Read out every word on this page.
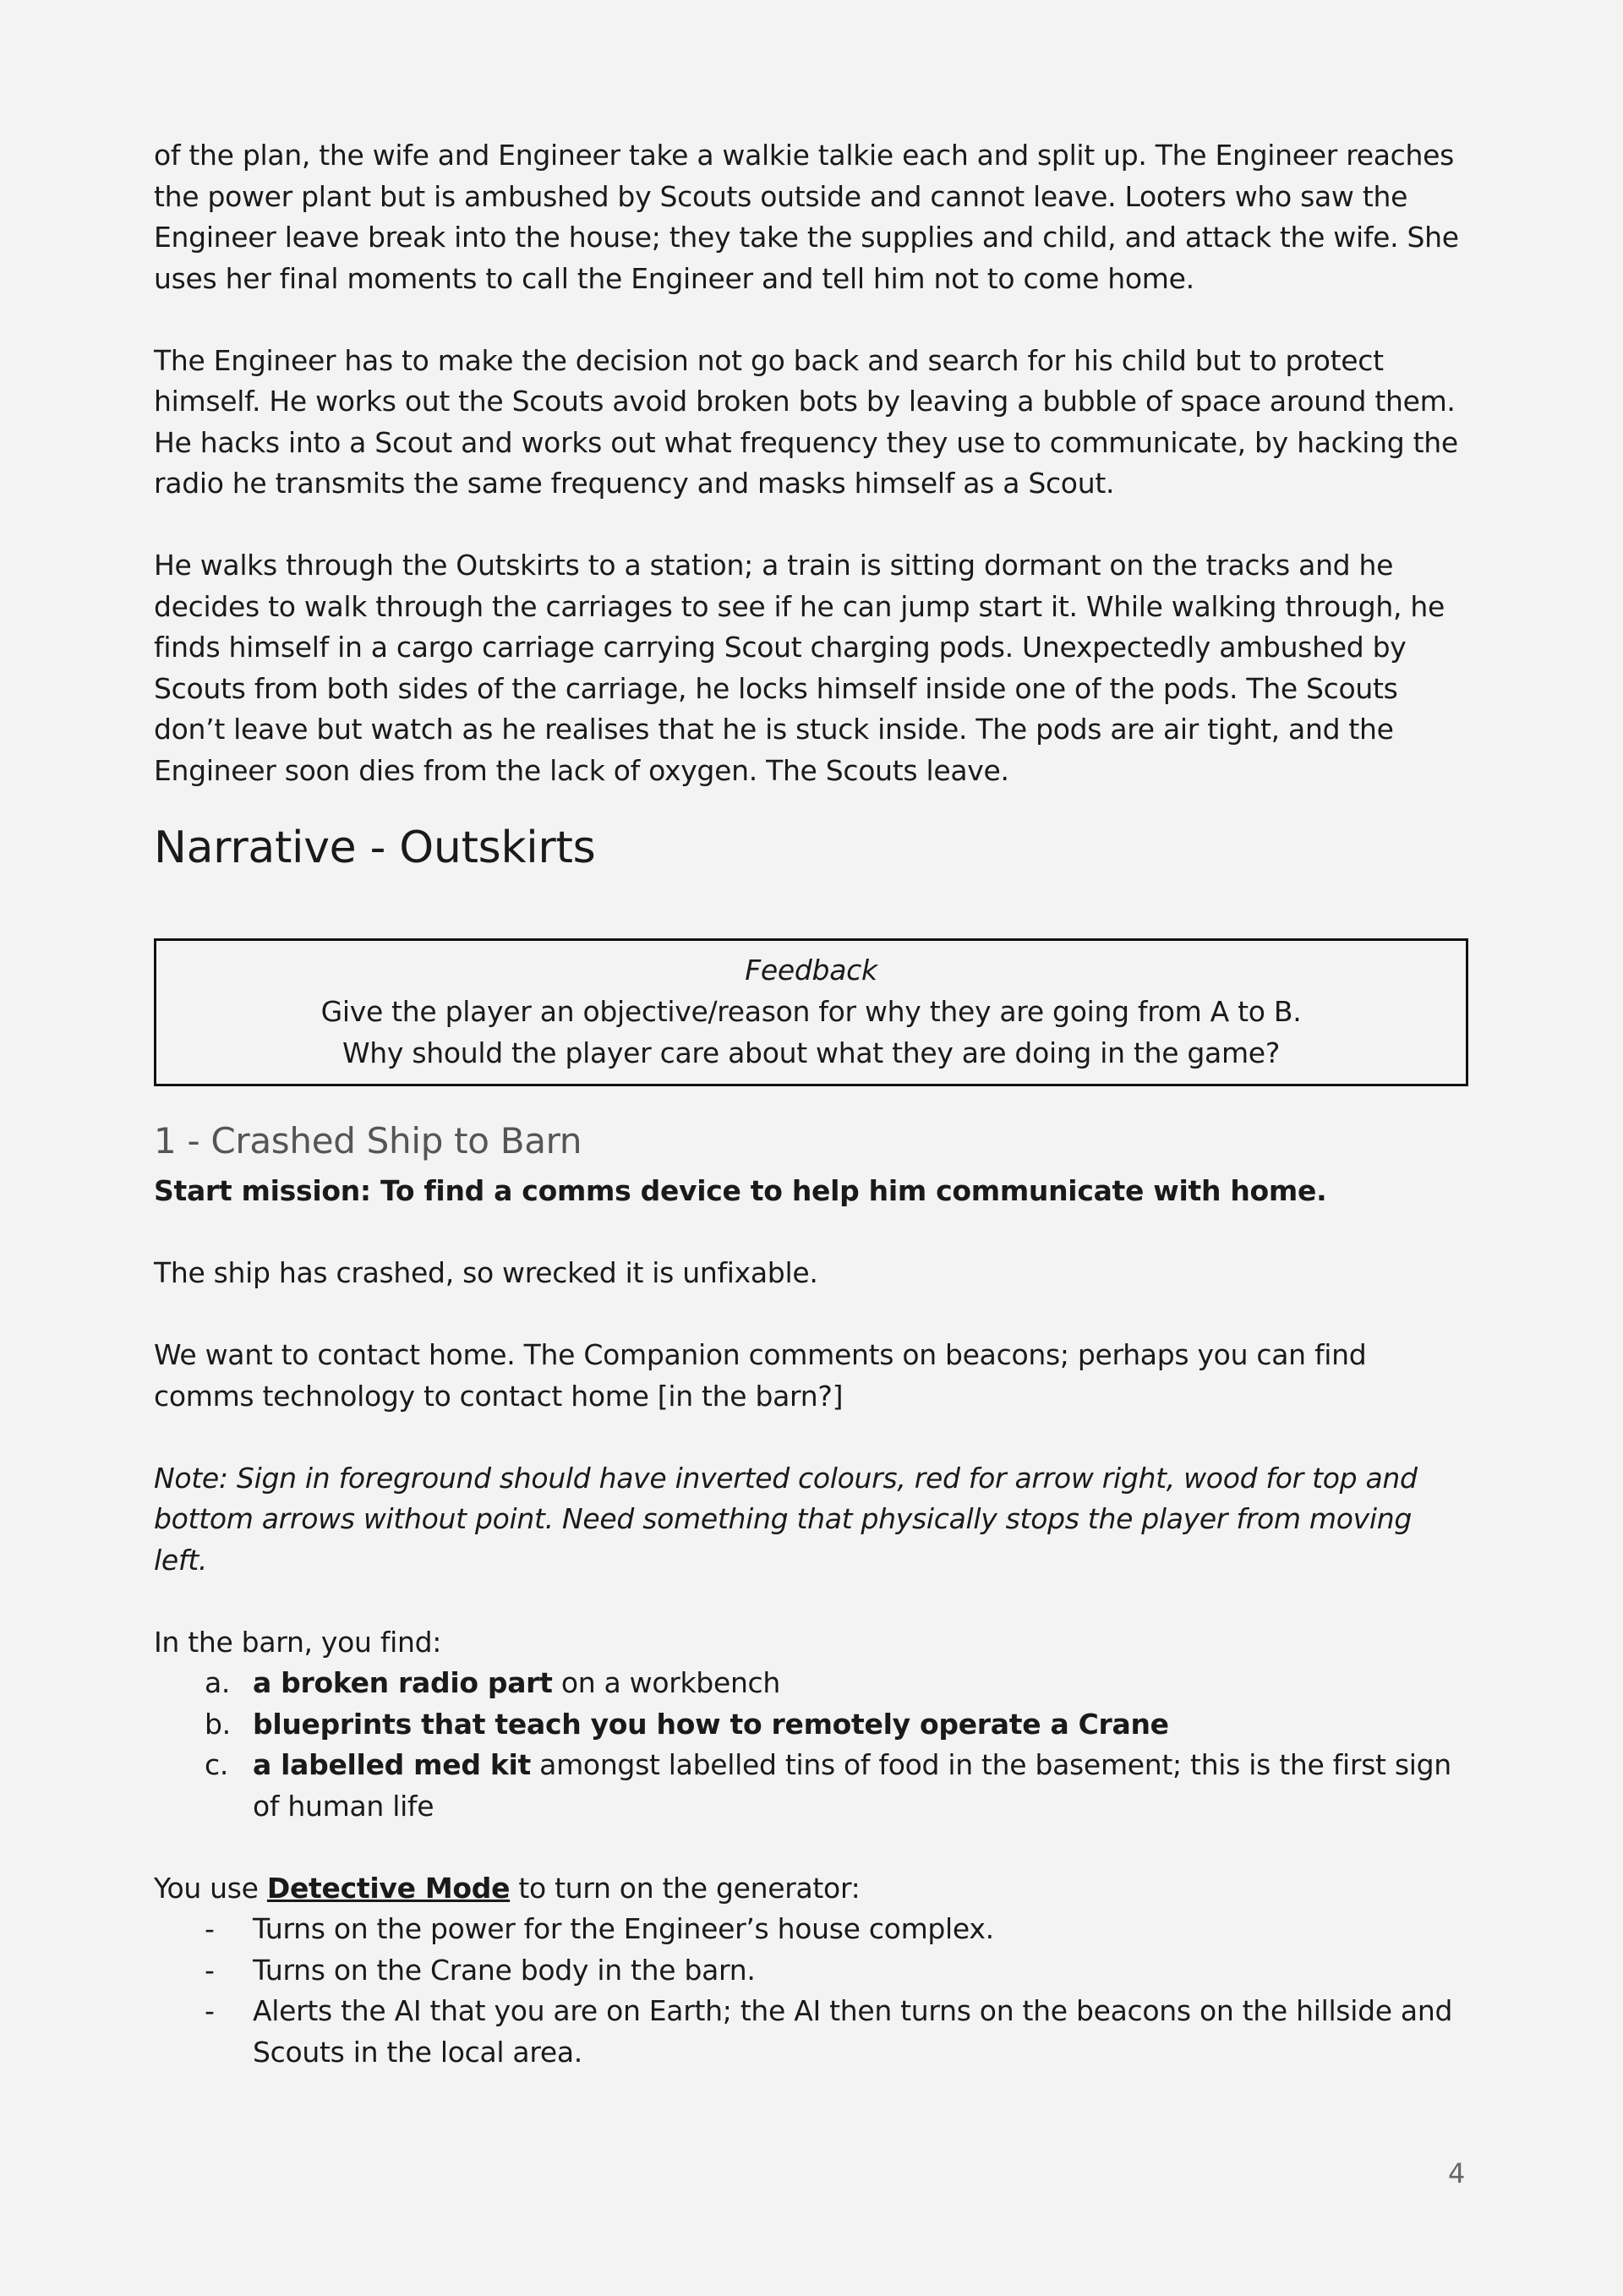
of the plan, the wife and Engineer take a walkie talkie each and split up. The Engineer reaches the power plant but is ambushed by Scouts outside and cannot leave. Looters who saw the Engineer leave break into the house; they take the supplies and child, and attack the wife. She uses her final moments to call the Engineer and tell him not to come home.

The Engineer has to make the decision not go back and search for his child but to protect himself. He works out the Scouts avoid broken bots by leaving a bubble of space around them. He hacks into a Scout and works out what frequency they use to communicate, by hacking the radio he transmits the same frequency and masks himself as a Scout.

He walks through the Outskirts to a station; a train is sitting dormant on the tracks and he decides to walk through the carriages to see if he can jump start it. While walking through, he finds himself in a cargo carriage carrying Scout charging pods. Unexpectedly ambushed by Scouts from both sides of the carriage, he locks himself inside one of the pods. The Scouts don’t leave but watch as he realises that he is stuck inside. The pods are air tight, and the Engineer soon dies from the lack of oxygen. The Scouts leave.

Narrative - Outskirts

Feedback

Give the player an objective/reason for why they are going from A to B.

Why should the player care about what they are doing in the game?

1 - Crashed Ship to Barn

Start mission: To find a comms device to help him communicate with home.

The ship has crashed, so wrecked it is unfixable.

We want to contact home. The Companion comments on beacons; perhaps you can find comms technology to contact home [in the barn?]

Note: Sign in foreground should have inverted colours, red for arrow right, wood for top and bottom arrows without point. Need something that physically stops the player from moving left.

In the barn, you find:

a. a broken radio part on a workbench
b. blueprints that teach you how to remotely operate a Crane
c. a labelled med kit amongst labelled tins of food in the basement; this is the first sign of human life

You use Detective Mode to turn on the generator:

- Turns on the power for the Engineer’s house complex.
- Turns on the Crane body in the barn.
- Alerts the AI that you are on Earth; the AI then turns on the beacons on the hillside and Scouts in the local area.
4
